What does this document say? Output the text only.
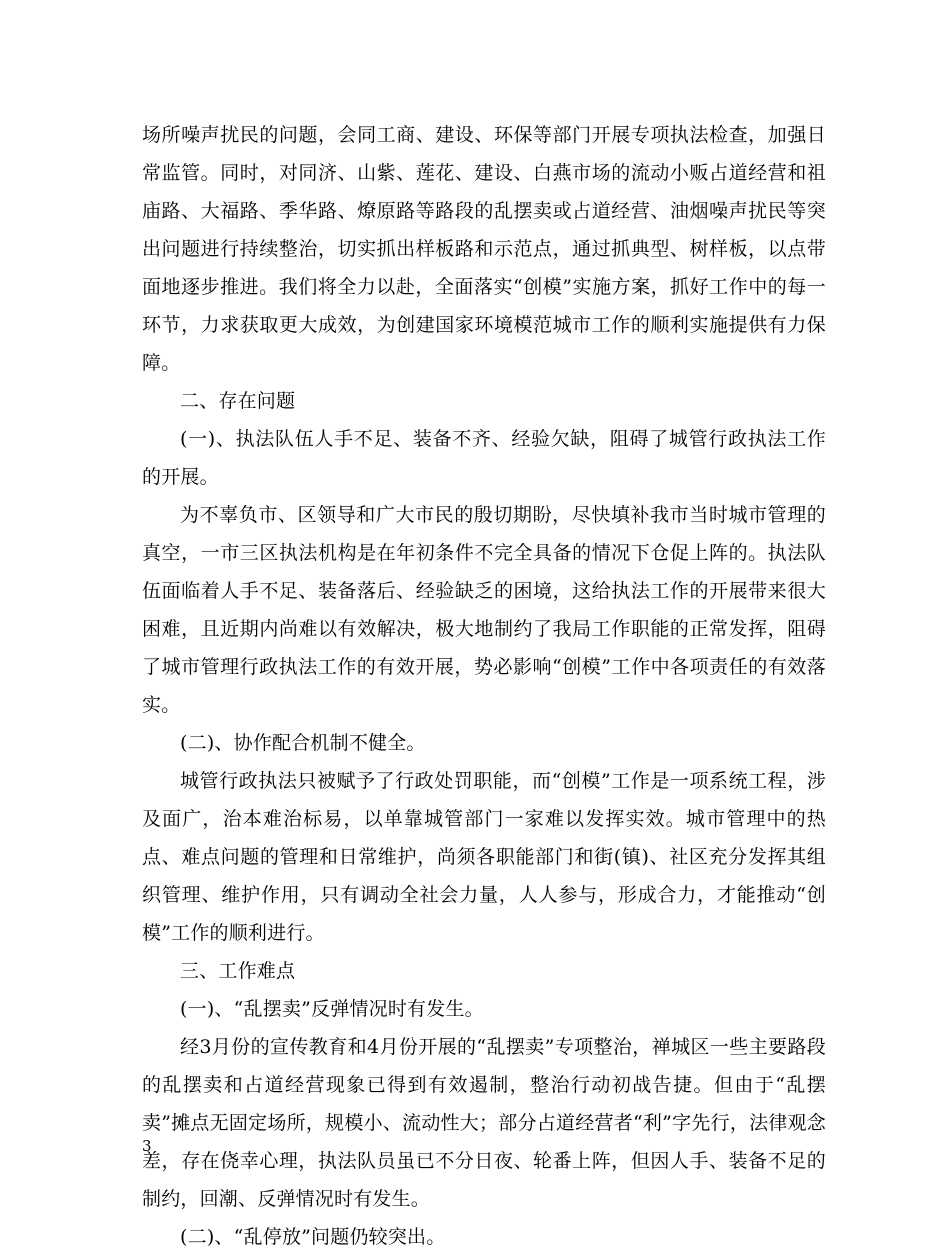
场所噪声扰民的问题，会同工商、建设、环保等部门开展专项执法检查，加强日常监管。同时，对同济、山紫、莲花、建设、白燕市场的流动小贩占道经营和祖庙路、大福路、季华路、燎原路等路段的乱摆卖或占道经营、油烟噪声扰民等突出问题进行持续整治，切实抓出样板路和示范点，通过抓典型、树样板，以点带面地逐步推进。我们将全力以赴，全面落实“创模”实施方案，抓好工作中的每一环节，力求获取更大成效，为创建国家环境模范城市工作的顺利实施提供有力保障。

二、存在问题

(一)、执法队伍人手不足、装备不齐、经验欠缺，阻碍了城管行政执法工作的开展。

为不辜负市、区领导和广大市民的殷切期盼，尽快填补我市当时城市管理的真空，一市三区执法机构是在年初条件不完全具备的情况下仓促上阵的。执法队伍面临着人手不足、装备落后、经验缺乏的困境，这给执法工作的开展带来很大困难，且近期内尚难以有效解决，极大地制约了我局工作职能的正常发挥，阻碍了城市管理行政执法工作的有效开展，势必影响“创模”工作中各项责任的有效落实。

(二)、协作配合机制不健全。

城管行政执法只被赋予了行政处罚职能，而“创模”工作是一项系统工程，涉及面广，治本难治标易，以单靠城管部门一家难以发挥实效。城市管理中的热点、难点问题的管理和日常维护，尚须各职能部门和街(镇)、社区充分发挥其组织管理、维护作用，只有调动全社会力量，人人参与，形成合力，才能推动“创模”工作的顺利进行。

三、工作难点

(一)、“乱摆卖”反弹情况时有发生。

经3月份的宣传教育和4月份开展的“乱摆卖”专项整治，禅城区一些主要路段的乱摆卖和占道经营现象已得到有效遏制，整治行动初战告捷。但由于“乱摆卖”摊点无固定场所，规模小、流动性大；部分占道经营者“利”字先行，法律观念差，存在侥幸心理，执法队员虽已不分日夜、轮番上阵，但因人手、装备不足的制约，回潮、反弹情况时有发生。

(二)、“乱停放”问题仍较突出。

3
